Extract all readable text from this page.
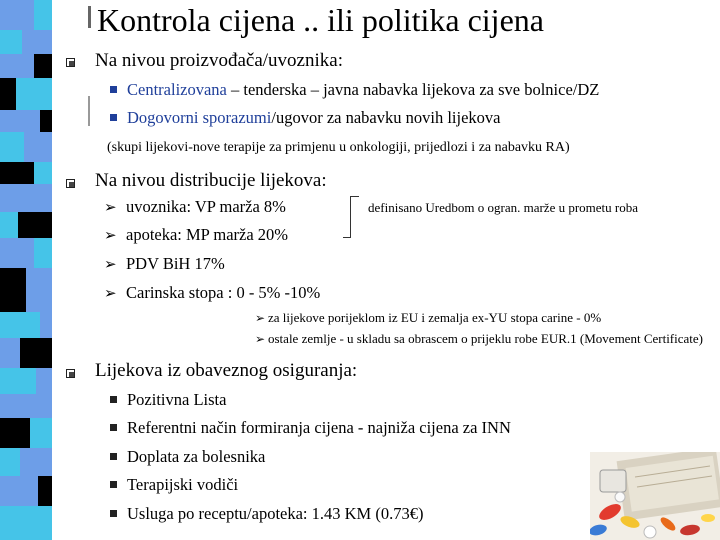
Kontrola cijena .. ili politika cijena
Na nivou proizvođača/uvoznika:
Centralizovana – tenderska – javna nabavka lijekova za sve bolnice/DZ
Dogovorni sporazumi/ugovor za nabavku novih lijekova
(skupi lijekovi-nove terapije za primjenu u onkologiji, prijedlozi i za nabavku RA)
Na nivou distribucije lijekova:
➢ uvoznika: VP marža 8%
➢ apoteka: MP marža 20%
➢ PDV BiH 17%
➢ Carinska stopa : 0 - 5% -10%
definisano Uredbom o ogran. marže u prometu roba
➢ za lijekove porijeklom iz EU i zemalja ex-YU stopa carine - 0%
➢ ostale zemlje - u skladu sa obrascem o prijeklu robe EUR.1 (Movement Certificate)
Lijekova iz obaveznog osiguranja:
Pozitivna Lista
Referentni način formiranja cijena - najniža cijena za INN
Doplata za bolesnika
Terapijski vodiči
Usluga po receptu/apoteka: 1.43 KM (0.73€)
